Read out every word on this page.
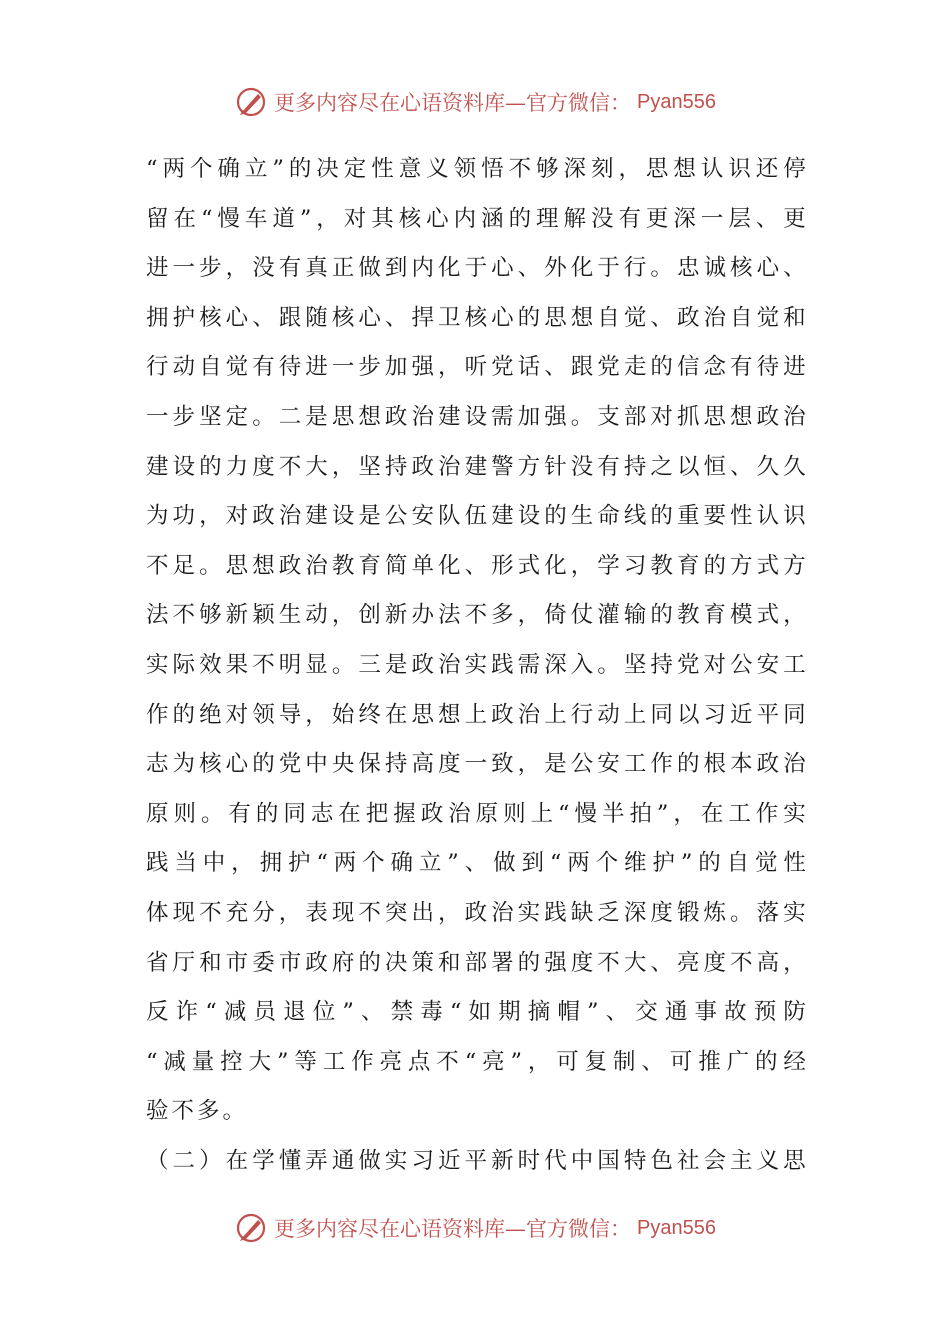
更多内容尽在心语资料库—官方微信： Pyan556
“ 两 个 确 立 ” 的 决 定 性 意 义 领 悟 不 够 深 刻 ， 思 想 认 识 还 停
留 在 “ 慢 车 道 ” ， 对 其 核 心 内 涵 的 理 解 没 有 更 深 一 层 、 更
进 一 步 ， 没 有 真 正 做 到 内 化 于 心 、 外 化 于 行 。 忠 诚 核 心 、
拥 护 核 心 、 跟 随 核 心 、 捍 卫 核 心 的 思 想 自 觉 、 政 治 自 觉 和
行 动 自 觉 有 待 进 一 步 加 强 ， 听 党 话 、 跟 党 走 的 信 念 有 待 进
一 步 坚 定 。 二 是 思 想 政 治 建 设 需 加 强 。 支 部 对 抓 思 想 政 治
建 设 的 力 度 不 大 ， 坚 持 政 治 建 警 方 针 没 有 持 之 以 恒 、 久 久
为 功 ， 对 政 治 建 设 是 公 安 队 伍 建 设 的 生 命 线 的 重 要 性 认 识
不 足 。 思 想 政 治 教 育 简 单 化 、 形 式 化 ， 学 习 教 育 的 方 式 方
法 不 够 新 颖 生 动 ， 创 新 办 法 不 多 ， 倚 仗 灌 输 的 教 育 模 式 ，
实 际 效 果 不 明 显 。 三 是 政 治 实 践 需 深 入 。 坚 持 党 对 公 安 工
作 的 绝 对 领 导 ， 始 终 在 思 想 上 政 治 上 行 动 上 同 以 习 近 平 同
志 为 核 心 的 党 中 央 保 持 高 度 一 致 ， 是 公 安 工 作 的 根 本 政 治
原 则 。 有 的 同 志 在 把 握 政 治 原 则 上 “ 慢 半 拍 ” ， 在 工 作 实
践 当 中 ， 拥 护 “ 两 个 确 立 ” 、 做 到 “ 两 个 维 护 ” 的 自 觉 性
体 现 不 充 分 ， 表 现 不 突 出 ， 政 治 实 践 缺 乏 深 度 锻 炼 。 落 实
省 厅 和 市 委 市 政 府 的 决 策 和 部 署 的 强 度 不 大 、 亮 度 不 高 ，
反 诈 “ 减 员 退 位 ” 、 禁 毒 “ 如 期 摘 帽 ” 、 交 通 事 故 预 防
“ 减 量 控 大 ” 等 工 作 亮 点 不 “ 亮 ” ， 可 复 制 、 可 推 广 的 经
验不多。
（ 二 ） 在 学 懂 弄 通 做 实 习 近 平 新 时 代 中 国 特 色 社 会 主 义 思
更多内容尽在心语资料库—官方微信： Pyan556
